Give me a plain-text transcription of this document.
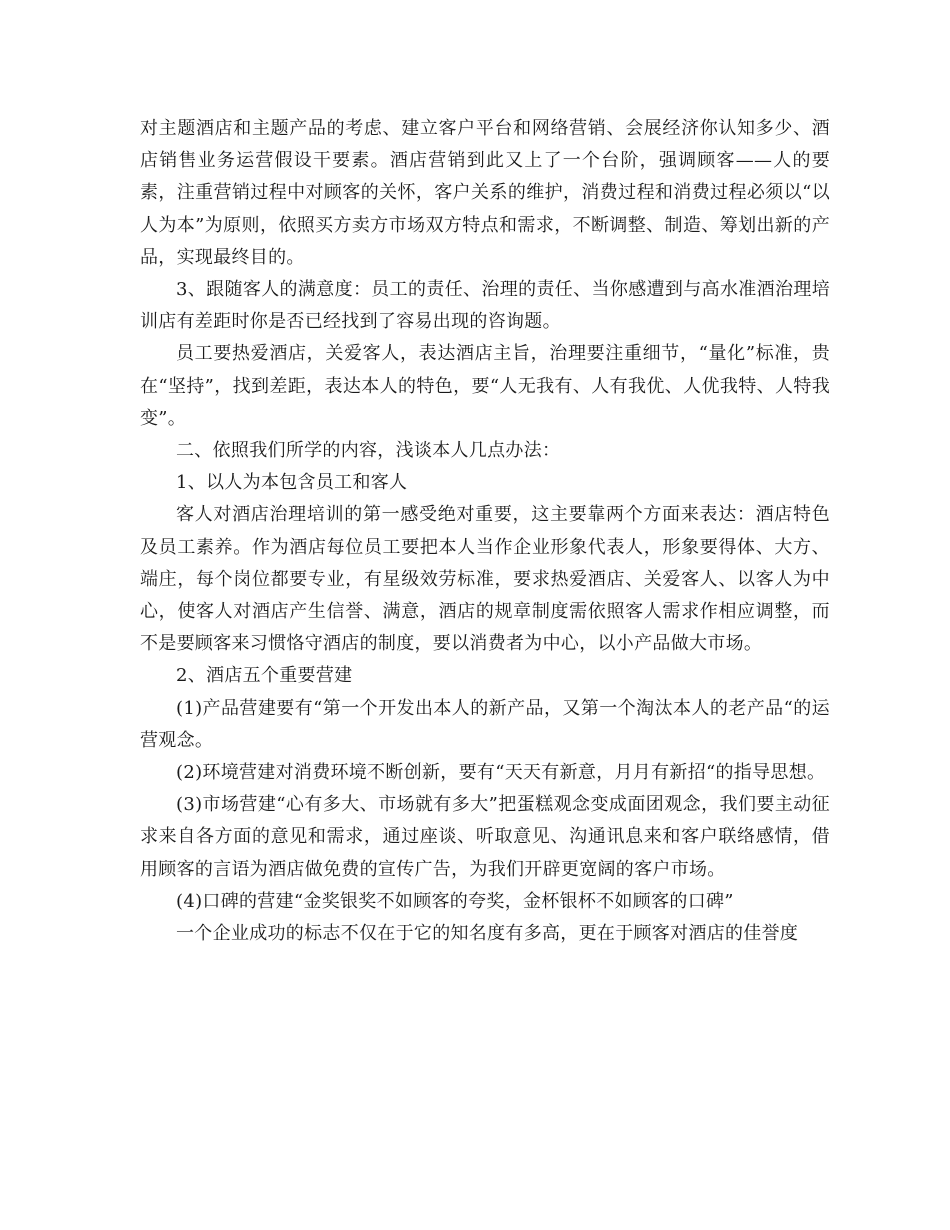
对主题酒店和主题产品的考虑、建立客户平台和网络营销、会展经济你认知多少、酒店销售业务运营假设干要素。酒店营销到此又上了一个台阶，强调顾客——人的要素，注重营销过程中对顾客的关怀，客户关系的维护，消费过程和消费过程必须以“以人为本”为原则，依照买方卖方市场双方特点和需求，不断调整、制造、筹划出新的产品，实现最终目的。

3、跟随客人的满意度：员工的责任、治理的责任、当你感遭到与高水准酒治理培训店有差距时你是否已经找到了容易出现的咨询题。

员工要热爱酒店，关爱客人，表达酒店主旨，治理要注重细节，“量化”标准，贵在“坚持”，找到差距，表达本人的特色，要“人无我有、人有我优、人优我特、人特我变”。

二、依照我们所学的内容，浅谈本人几点办法：

1、以人为本包含员工和客人

客人对酒店治理培训的第一感受绝对重要，这主要靠两个方面来表达：酒店特色及员工素养。作为酒店每位员工要把本人当作企业形象代表人，形象要得体、大方、端庄，每个岗位都要专业，有星级效劳标准，要求热爱酒店、关爱客人、以客人为中心，使客人对酒店产生信誉、满意，酒店的规章制度需依照客人需求作相应调整，而不是要顾客来习惯恪守酒店的制度，要以消费者为中心，以小产品做大市场。

2、酒店五个重要营建

(1)产品营建要有“第一个开发出本人的新产品，又第一个淘汰本人的老产品“的运营观念。

(2)环境营建对消费环境不断创新，要有“天天有新意，月月有新招“的指导思想。

(3)市场营建“心有多大、市场就有多大”把蛋糕观念变成面团观念，我们要主动征求来自各方面的意见和需求，通过座谈、听取意见、沟通讯息来和客户联络感情，借用顾客的言语为酒店做免费的宣传广告，为我们开辟更宽阔的客户市场。

(4)口碑的营建“金奖银奖不如顾客的夸奖，金杯银杯不如顾客的口碑”

一个企业成功的标志不仅在于它的知名度有多高，更在于顾客对酒店的佳誉度
